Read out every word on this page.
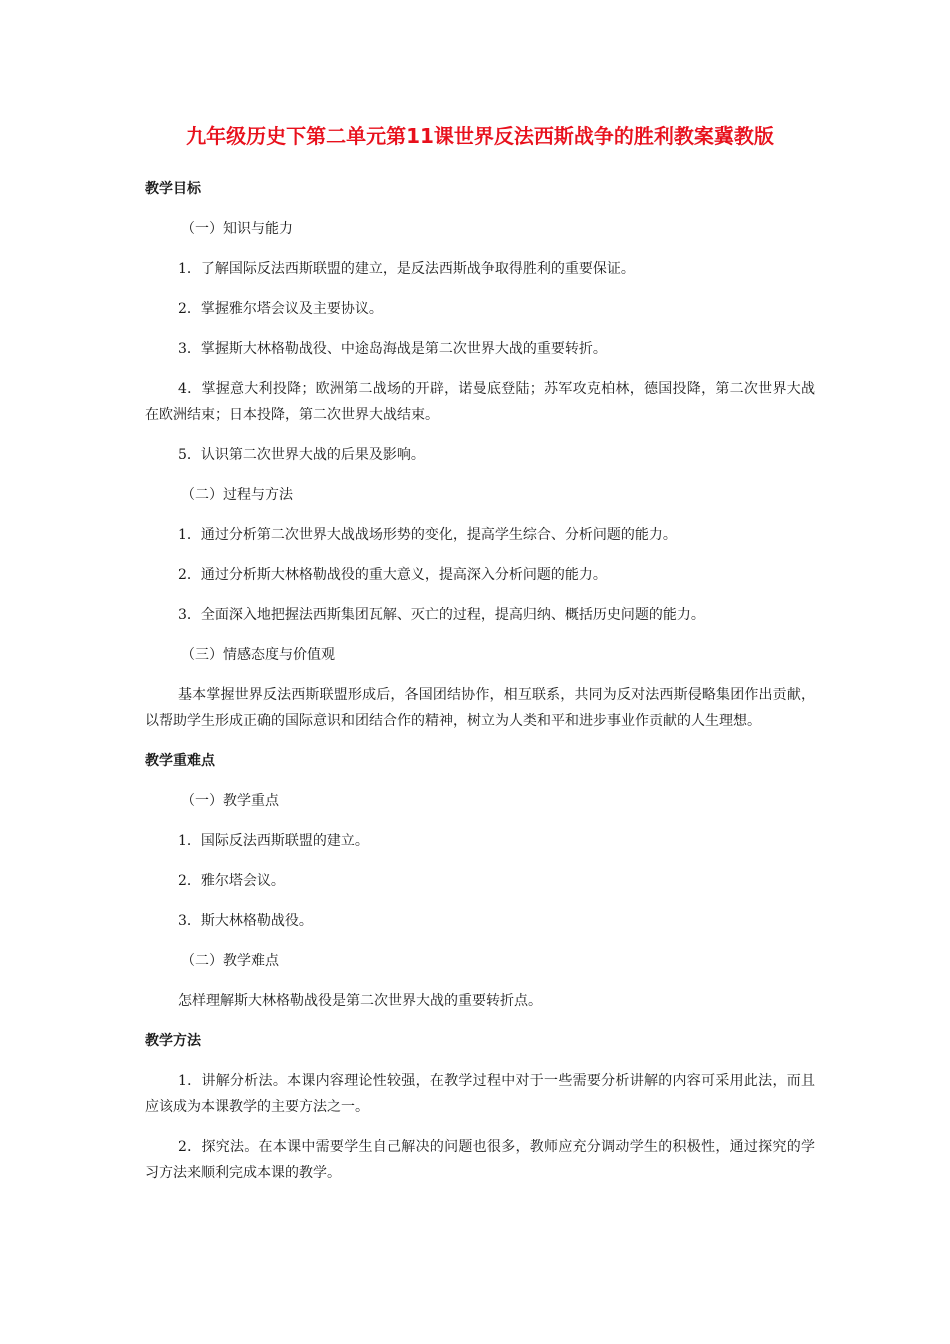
九年级历史下第二单元第11课世界反法西斯战争的胜利教案冀教版
教学目标

（一）知识与能力

1．了解国际反法西斯联盟的建立，是反法西斯战争取得胜利的重要保证。

2．掌握雅尔塔会议及主要协议。

3．掌握斯大林格勒战役、中途岛海战是第二次世界大战的重要转折。

4．掌握意大利投降；欧洲第二战场的开辟，诺曼底登陆；苏军攻克柏林，德国投降，第二次世界大战在欧洲结束；日本投降，第二次世界大战结束。

5．认识第二次世界大战的后果及影响。

（二）过程与方法

1．通过分析第二次世界大战战场形势的变化，提高学生综合、分析问题的能力。

2．通过分析斯大林格勒战役的重大意义，提高深入分析问题的能力。

3．全面深入地把握法西斯集团瓦解、灭亡的过程，提高归纳、概括历史问题的能力。

（三）情感态度与价值观

基本掌握世界反法西斯联盟形成后，各国团结协作，相互联系，共同为反对法西斯侵略集团作出贡献，以帮助学生形成正确的国际意识和团结合作的精神，树立为人类和平和进步事业作贡献的人生理想。

教学重难点

（一）教学重点

1．国际反法西斯联盟的建立。

2．雅尔塔会议。

3．斯大林格勒战役。

（二）教学难点

怎样理解斯大林格勒战役是第二次世界大战的重要转折点。

教学方法

1．讲解分析法。本课内容理论性较强，在教学过程中对于一些需要分析讲解的内容可采用此法，而且应该成为本课教学的主要方法之一。

2．探究法。在本课中需要学生自己解决的问题也很多，教师应充分调动学生的积极性，通过探究的学习方法来顺利完成本课的教学。
